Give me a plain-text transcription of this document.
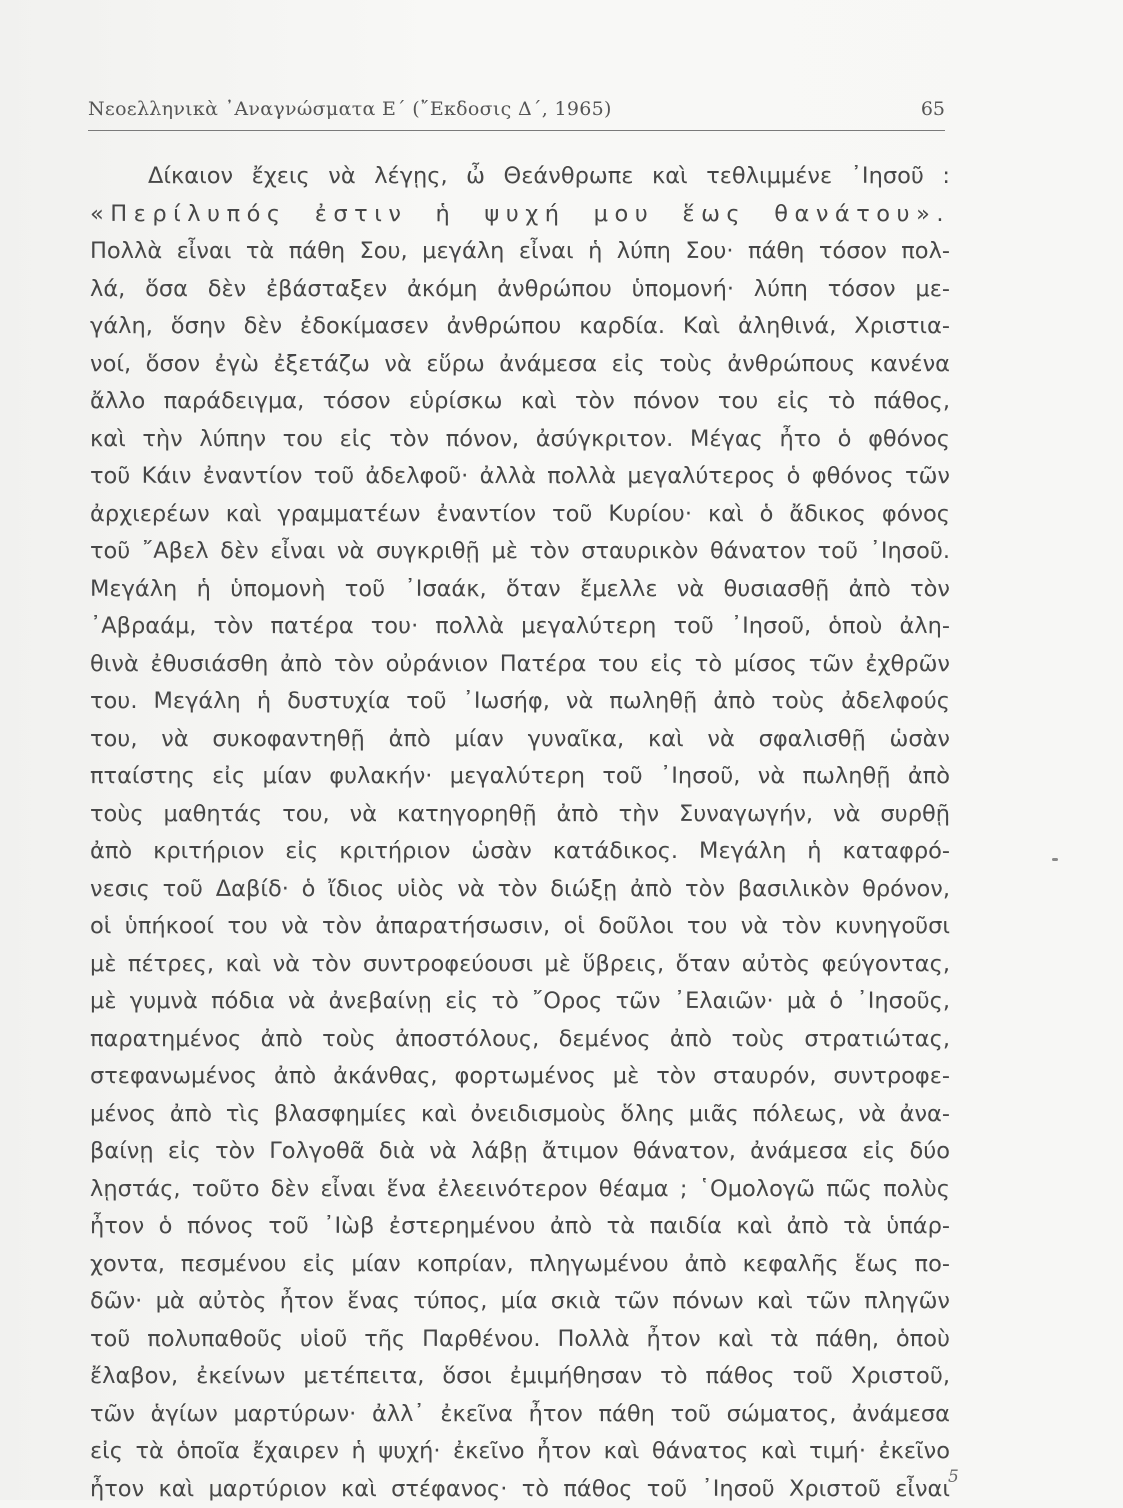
Νεοελληνικὰ ᾿Αναγνώσματα Ε΄ (῎Εκδοσις Δ΄, 1965)	65
Δίκαιον ἔχεις νὰ λέγῃς, ὦ Θεάνθρωπε καὶ τεθλιμμένε ᾿Ιησοῦ :
«Περίλυπός ἐστιν ἡ ψυχή μου ἕως θανάτου».
Πολλὰ εἶναι τὰ πάθη Σου, μεγάλη εἶναι ἡ λύπη Σου· πάθη τόσον πολ-
λά, ὅσα δὲν ἐβάσταξεν ἀκόμη ἀνθρώπου ὑπομονή· λύπη τόσον με-
γάλη, ὅσην δὲν ἐδοκίμασεν ἀνθρώπου καρδία. Καὶ ἀληθινά, Χριστια-
νοί, ὅσον ἐγὼ ἐξετάζω νὰ εὕρω ἀνάμεσα εἰς τοὺς ἀνθρώπους κανένα
ἄλλο παράδειγμα, τόσον εὑρίσκω καὶ τὸν πόνον του εἰς τὸ πάθος,
καὶ τὴν λύπην του εἰς τὸν πόνον, ἀσύγκριτον. Μέγας ἦτο ὁ φθόνος
τοῦ Κάιν ἐναντίον τοῦ ἀδελφοῦ· ἀλλὰ πολλὰ μεγαλύτερος ὁ φθόνος τῶν
ἀρχιερέων καὶ γραμματέων ἐναντίον τοῦ Κυρίου· καὶ ὁ ἄδικος φόνος
τοῦ ῎Αβελ δὲν εἶναι νὰ συγκριθῇ μὲ τὸν σταυρικὸν θάνατον τοῦ ᾿Ιησοῦ.
Μεγάλη ἡ ὑπομονὴ τοῦ ᾿Ισαάκ, ὅταν ἔμελλε νὰ θυσιασθῇ ἀπὸ τὸν
᾿Αβραάμ, τὸν πατέρα του· πολλὰ μεγαλύτερη τοῦ ᾿Ιησοῦ, ὁποὺ ἀλη-
θινὰ ἐθυσιάσθη ἀπὸ τὸν οὐράνιον Πατέρα του εἰς τὸ μίσος τῶν ἐχθρῶν
του. Μεγάλη ἡ δυστυχία τοῦ ᾿Ιωσήφ, νὰ πωληθῇ ἀπὸ τοὺς ἀδελφούς
του, νὰ συκοφαντηθῇ ἀπὸ μίαν γυναῖκα, καὶ νὰ σφαλισθῇ ὡσὰν
πταίστης εἰς μίαν φυλακήν· μεγαλύτερη τοῦ ᾿Ιησοῦ, νὰ πωληθῇ ἀπὸ
τοὺς μαθητάς του, νὰ κατηγορηθῇ ἀπὸ τὴν Συναγωγήν, νὰ συρθῇ
ἀπὸ κριτήριον εἰς κριτήριον ὡσὰν κατάδικος. Μεγάλη ἡ καταφρό-
νεσις τοῦ Δαβίδ· ὁ ἴδιος υἱὸς νὰ τὸν διώξῃ ἀπὸ τὸν βασιλικὸν θρόνον,
οἱ ὑπήκοοί του νὰ τὸν ἀπαρατήσωσιν, οἱ δοῦλοι του νὰ τὸν κυνηγοῦσι
μὲ πέτρες, καὶ νὰ τὸν συντροφεύουσι μὲ ὕβρεις, ὅταν αὐτὸς φεύγοντας,
μὲ γυμνὰ πόδια νὰ ἀνεβαίνῃ εἰς τὸ ῎Ορος τῶν ᾿Ελαιῶν· μὰ ὁ ᾿Ιησοῦς,
παρατημένος ἀπὸ τοὺς ἀποστόλους, δεμένος ἀπὸ τοὺς στρατιώτας,
στεφανωμένος ἀπὸ ἀκάνθας, φορτωμένος μὲ τὸν σταυρόν, συντροφε-
μένος ἀπὸ τὶς βλασφημίες καὶ ὀνειδισμοὺς ὅλης μιᾶς πόλεως, νὰ ἀνα-
βαίνῃ εἰς τὸν Γολγοθᾶ διὰ νὰ λάβῃ ἄτιμον θάνατον, ἀνάμεσα εἰς δύο
λῃστάς, τοῦτο δὲν εἶναι ἕνα ἐλεεινότερον θέαμα ; ῾Ομολογῶ πῶς πολὺς
ἦτον ὁ πόνος τοῦ ᾿Ιὼβ ἐστερημένου ἀπὸ τὰ παιδία καὶ ἀπὸ τὰ ὑπάρ-
χοντα, πεσμένου εἰς μίαν κοπρίαν, πληγωμένου ἀπὸ κεφαλῆς ἕως πο-
δῶν· μὰ αὐτὸς ἦτον ἕνας τύπος, μία σκιὰ τῶν πόνων καὶ τῶν πληγῶν
τοῦ πολυπαθοῦς υἱοῦ τῆς Παρθένου. Πολλὰ ἦτον καὶ τὰ πάθη, ὁποὺ
ἔλαβον, ἐκείνων μετέπειτα, ὅσοι ἐμιμήθησαν τὸ πάθος τοῦ Χριστοῦ,
τῶν ἁγίων μαρτύρων· ἀλλ᾿ ἐκεῖνα ἦτον πάθη τοῦ σώματος, ἀνάμεσα
εἰς τὰ ὁποῖα ἔχαιρεν ἡ ψυχή· ἐκεῖνο ἦτον καὶ θάνατος καὶ τιμή· ἐκεῖνο
ἦτον καὶ μαρτύριον καὶ στέφανος· τὸ πάθος τοῦ ᾿Ιησοῦ Χριστοῦ εἶναι
5
